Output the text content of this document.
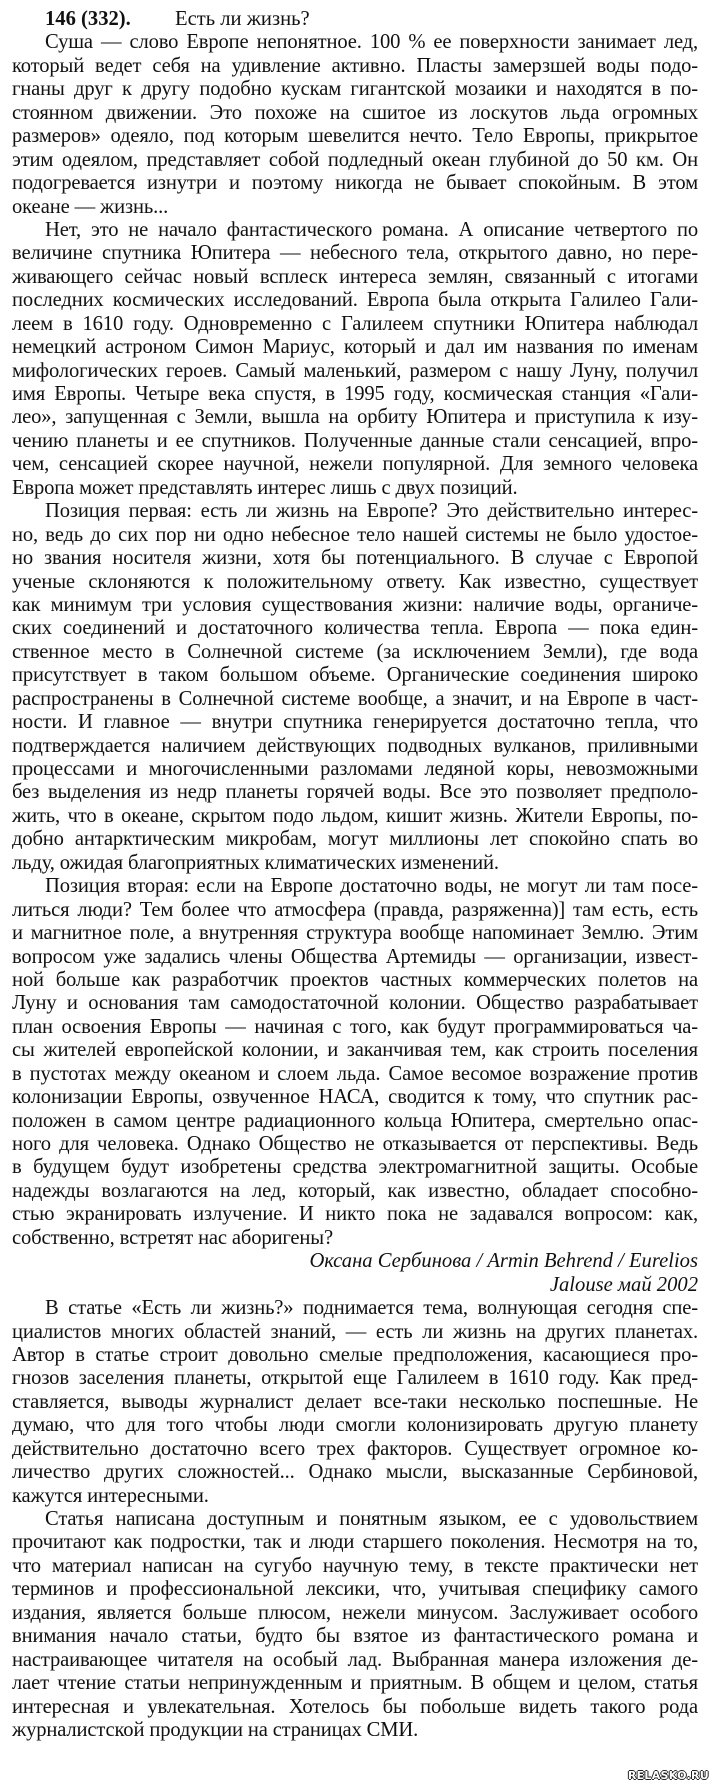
146 (332). Есть ли жизнь?
Суша — слово Европе непонятное. 100 % ее поверхности занимает лед,
который ведет себя на удивление активно. Пласты замерзшей воды подо-
гнаны друг к другу подобно кускам гигантской мозаики и находятся в по-
стоянном движении. Это похоже на сшитое из лоскутов льда огромных
размеров» одеяло, под которым шевелится нечто. Тело Европы, прикрытое
этим одеялом, представляет собой подледный океан глубиной до 50 км. Он
подогревается изнутри и поэтому никогда не бывает спокойным. В этом
океане — жизнь...
Нет, это не начало фантастического романа. А описание четвертого по
величине спутника Юпитера — небесного тела, открытого давно, но пере-
живающего сейчас новый всплеск интереса землян, связанный с итогами
последних космических исследований. Европа была открыта Галилео Гали-
леем в 1610 году. Одновременно с Галилеем спутники Юпитера наблюдал
немецкий астроном Симон Мариус, который и дал им названия по именам
мифологических героев. Самый маленький, размером с нашу Луну, получил
имя Европы. Четыре века спустя, в 1995 году, космическая станция «Гали-
лео», запущенная с Земли, вышла на орбиту Юпитера и приступила к изу-
чению планеты и ее спутников. Полученные данные стали сенсацией, впро-
чем, сенсацией скорее научной, нежели популярной. Для земного человека
Европа может представлять интерес лишь с двух позиций.
Позиция первая: есть ли жизнь на Европе? Это действительно интерес-
но, ведь до сих пор ни одно небесное тело нашей системы не было удостое-
но звания носителя жизни, хотя бы потенциального. В случае с Европой
ученые склоняются к положительному ответу. Как известно, существует
как минимум три условия существования жизни: наличие воды, органиче-
ских соединений и достаточного количества тепла. Европа — пока един-
ственное место в Солнечной системе (за исключением Земли), где вода
присутствует в таком большом объеме. Органические соединения широко
распространены в Солнечной системе вообще, а значит, и на Европе в част-
ности. И главное — внутри спутника генерируется достаточно тепла, что
подтверждается наличием действующих подводных вулканов, приливными
процессами и многочисленными разломами ледяной коры, невозможными
без выделения из недр планеты горячей воды. Все это позволяет предполо-
жить, что в океане, скрытом подо льдом, кишит жизнь. Жители Европы, по-
добно антарктическим микробам, могут миллионы лет спокойно спать во
льду, ожидая благоприятных климатических изменений.
Позиция вторая: если на Европе достаточно воды, не могут ли там посе-
литься люди? Тем более что атмосфера (правда, разряженна)] там есть, есть
и магнитное поле, а внутренняя структура вообще напоминает Землю. Этим
вопросом уже задались члены Общества Артемиды — организации, извест-
ной больше как разработчик проектов частных коммерческих полетов на
Луну и основания там самодостаточной колонии. Общество разрабатывает
план освоения Европы — начиная с того, как будут программироваться ча-
сы жителей европейской колонии, и заканчивая тем, как строить поселения
в пустотах между океаном и слоем льда. Самое весомое возражение против
колонизации Европы, озвученное НАСА, сводится к тому, что спутник рас-
положен в самом центре радиационного кольца Юпитера, смертельно опас-
ного для человека. Однако Общество не отказывается от перспективы. Ведь
в будущем будут изобретены средства электромагнитной защиты. Особые
надежды возлагаются на лед, который, как известно, обладает способно-
стью экранировать излучение. И никто пока не задавался вопросом: как,
собственно, встретят нас аборигены?
Оксана Сербинова / Armin Behrend / Eurelios
Jalouse май 2002
В статье «Есть ли жизнь?» поднимается тема, волнующая сегодня спе-
циалистов многих областей знаний, — есть ли жизнь на других планетах.
Автор в статье строит довольно смелые предположения, касающиеся про-
гнозов заселения планеты, открытой еще Галилеем в 1610 году. Как пред-
ставляется, выводы журналист делает все-таки несколько поспешные. Не
думаю, что для того чтобы люди смогли колонизировать другую планету
действительно достаточно всего трех факторов. Существует огромное ко-
личество других сложностей... Однако мысли, высказанные Сербиновой,
кажутся интересными.
Статья написана доступным и понятным языком, ее с удовольствием
прочитают как подростки, так и люди старшего поколения. Несмотря на то,
что материал написан на сугубо научную тему, в тексте практически нет
терминов и профессиональной лексики, что, учитывая специфику самого
издания, является больше плюсом, нежели минусом. Заслуживает особого
внимания начало статьи, будто бы взятое из фантастического романа и
настраивающее читателя на особый лад. Выбранная манера изложения де-
лает чтение статьи непринужденным и приятным. В общем и целом, статья
интересная и увлекательная. Хотелось бы побольше видеть такого рода
журналистской продукции на страницах СМИ.
RELASKO.RU
